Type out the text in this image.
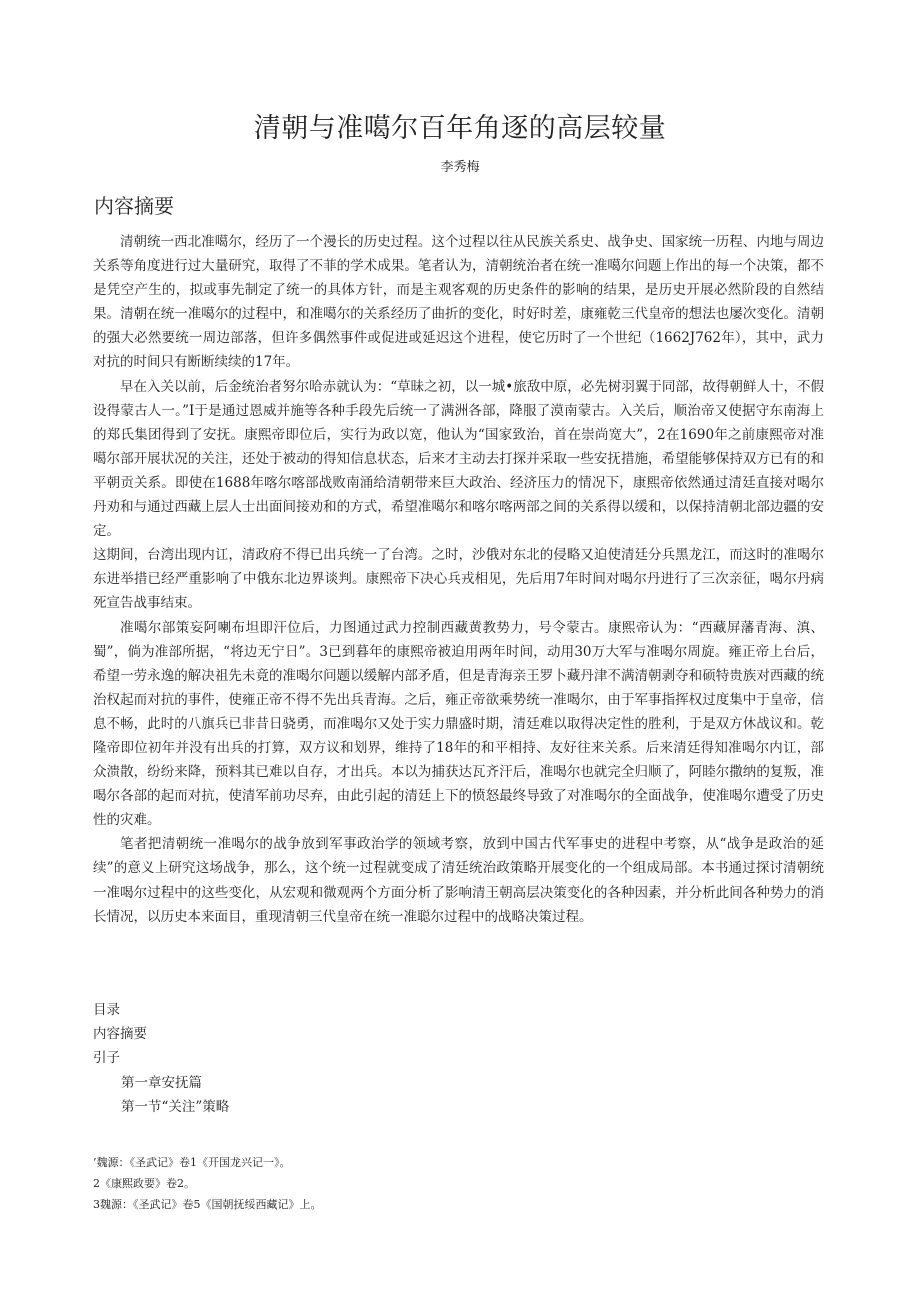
清朝与准噶尔百年角逐的高层较量
李秀梅
内容摘要

清朝统一西北准噶尔，经历了一个漫长的历史过程。这个过程以往从民族关系史、战争史、国家统一历程、内地与周边关系等角度进行过大量研究，取得了不菲的学术成果。笔者认为，清朝统治者在统一准噶尔问题上作出的每一个决策，都不是凭空产生的，拟或事先制定了统一的具体方针，而是主观客观的历史条件的影响的结果，是历史开展必然阶段的自然结果。清朝在统一准噶尔的过程中，和准噶尔的关系经历了曲折的变化，时好时差，康雍乾三代皇帝的想法也屡次变化。清朝的强大必然要统一周边部落，但许多偶然事件或促进或延迟这个进程，使它历时了一个世纪（1662J762年），其中，武力对抗的时间只有断断续续的17年。

早在入关以前，后金统治者努尔哈赤就认为：“草昧之初，以一城•旅敌中原，必先树羽翼于同部，故得朝鲜人十，不假设得蒙古人一。”I于是通过恩威并施等各种手段先后统一了满洲各部，降服了漠南蒙古。入关后，顺治帝又使据守东南海上的郑氏集团得到了安抚。康熙帝即位后，实行为政以宽，他认为“国家致治，首在崇尚宽大”，2在1690年之前康熙帝对准噶尔部开展状况的关注，还处于被动的得知信息状态，后来才主动去打探并采取一些安抚措施，希望能够保持双方已有的和平朝贡关系。即使在1688年喀尔喀部战败南涌给清朝带来巨大政治、经济压力的情况下，康熙帝依然通过清廷直接对喝尔丹劝和与通过西藏上层人士出面间接劝和的方式，希望准噶尔和喀尔喀两部之间的关系得以缓和，以保持清朝北部边疆的安定。

这期间，台湾出现内讧，清政府不得已出兵统一了台湾。之时，沙俄对东北的侵略又迫使清廷分兵黑龙江，而这时的准喝尔东进举措已经严重影响了中俄东北边界谈判。康熙帝下决心兵戎相见，先后用7年时间对喝尔丹进行了三次亲征，喝尔丹病死宣告战事结束。

准噶尔部策妄阿喇布坦即汗位后，力图通过武力控制西藏黄教势力，号令蒙古。康熙帝认为：“西藏屏藩青海、滇、蜀”，倘为准部所据，“将边无宁日”。3已到暮年的康熙帝被迫用两年时间，动用30万大军与准喝尔周旋。雍正帝上台后，希望一劳永逸的解决祖先未竟的准喝尔问题以缓解内部矛盾，但是青海亲王罗卜藏丹津不满清朝剥夺和硕特贵族对西藏的统治权起而对抗的事件，使雍正帝不得不先出兵青海。之后，雍正帝欲乘势统一准喝尔，由于军事指挥权过度集中于皇帝，信息不畅，此时的八旗兵已非昔日骁勇，而准喝尔又处于实力鼎盛时期，清廷难以取得决定性的胜利，于是双方休战议和。乾隆帝即位初年并没有出兵的打算，双方议和划界，维持了18年的和平相持、友好往来关系。后来清廷得知准喝尔内讧，部众溃散，纷纷来降，预料其已难以自存，才出兵。本以为捕获达瓦齐汗后，准喝尔也就完全归顺了，阿睦尔撒纳的复叛，准喝尔各部的起而对抗，使清军前功尽弃，由此引起的清廷上下的愤怒最终导致了对准喝尔的全面战争，使准喝尔遭受了历史性的灾难。

笔者把清朝统一准喝尔的战争放到军事政治学的领域考察，放到中国古代军事史的进程中考察，从“战争是政治的延续”的意义上研究这场战争，那么，这个统一过程就变成了清廷统治政策略开展变化的一个组成局部。本书通过探讨清朝统一准喝尔过程中的这些变化，从宏观和微观两个方面分析了影响清王朝高层决策变化的各种因素，并分析此间各种势力的消长情况，以历史本来面目，重现清朝三代皇帝在统一准聪尔过程中的战略决策过程。

目录
内容摘要
引子
第一章安抚篇
第一节“关注”策略
’魏源：《圣武记》卷1《开国龙兴记一》。
2《康熙政要》卷2。
3魏源：《圣武记》卷5《国朝抚绥西藏记》上。
